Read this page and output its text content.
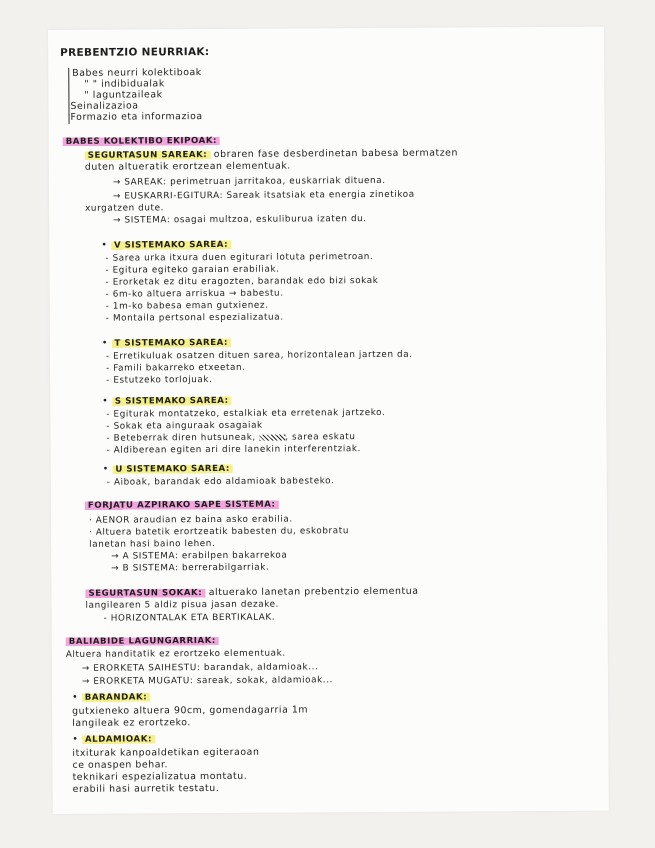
PREBENTZIO NEURRIAK:
Babes neurri kolektiboak
" " indibidualak
" laguntzaileak
Seinalizazioa
Formazio eta informazioa
BABES KOLEKTIBO EKIPOAK:
SEGURTASUN SAREAK: obraren fase desberdinetan babesa bermatzen
duten altueratik erortzean elementuak.
→ SAREAK: perimetruan jarritakoa, euskarriak dituena.
→ EUSKARRI-EGITURA: Sareak itsatsiak eta energia zinetikoa
xurgatzen dute.
→ SISTEMA: osagai multzoa, eskuliburua izaten du.
• V SISTEMAKO SAREA:
- Sarea urka itxura duen egiturari lotuta perimetroan.
- Egitura egiteko garaian erabiliak.
- Erorketak ez ditu eragozten, barandak edo bizi sokak
- 6m-ko altuera arriskua → babestu.
- 1m-ko babesa eman gutxienez.
- Montaila pertsonal espezializatua.
• T SISTEMAKO SAREA:
- Erretikuluak osatzen dituen sarea, horizontalean jartzen da.
- Famili bakarreko etxeetan.
- Estutzeko torlojuak.
• S SISTEMAKO SAREA:
- Egiturak montatzeko, estalkiak eta erretenak jartzeko.
- Sokak eta ainguraak osagaiak
- Beteberrak diren hutsuneak,	, sarea eskatu
- Aldiberean egiten ari dire lanekin interferentziak.
• U SISTEMAKO SAREA:
- Aiboak, barandak edo aldamioak babesteko.
FORJATU AZPIRAKO SAPE SISTEMA:
· AENOR araudian ez baina asko erabilia.
· Altuera batetik erortzeatik babesten du, eskobratu
lanetan hasi baino lehen.
→ A SISTEMA: erabilpen bakarrekoa
→ B SISTEMA: berrerabilgarriak.
SEGURTASUN SOKAK: altuerako lanetan prebentzio elementua
langilearen 5 aldiz pisua jasan dezake.
- HORIZONTALAK ETA BERTIKALAK.
BALIABIDE LAGUNGARRIAK:
Altuera handitatik ez erortzeko elementuak.
→ ERORKETA SAIHESTU: barandak, aldamioak...
→ ERORKETA MUGATU: sareak, sokak, aldamioak...
• BARANDAK:
gutxieneko altuera 90cm, gomendagarria 1m
langileak ez erortzeko.
• ALDAMIOAK:
itxiturak kanpoaldetikan egiteraoan
ce onaspen behar.
teknikari espezializatua montatu.
erabili hasi aurretik testatu.
